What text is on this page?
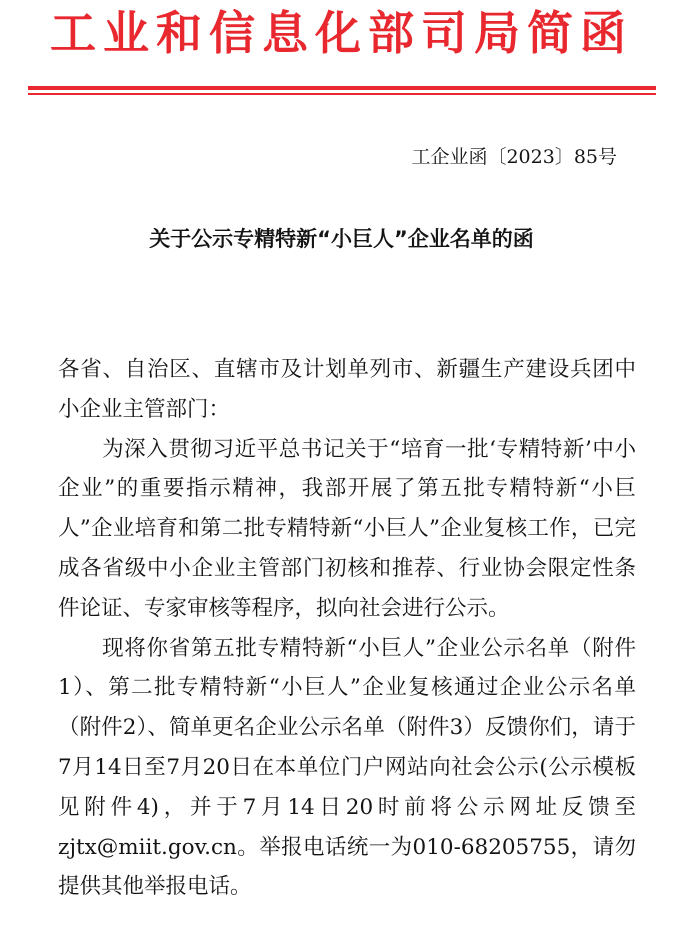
工业和信息化部司局简函
工企业函〔2023〕85号
关于公示专精特新“小巨人”企业名单的函

各省、自治区、直辖市及计划单列市、新疆生产建设兵团中小企业主管部门：

为深入贯彻习近平总书记关于“培育一批‘专精特新’中小企业”的重要指示精神，我部开展了第五批专精特新“小巨人”企业培育和第二批专精特新“小巨人”企业复核工作，已完成各省级中小企业主管部门初核和推荐、行业协会限定性条件论证、专家审核等程序，拟向社会进行公示。

现将你省第五批专精特新“小巨人”企业公示名单（附件1）、第二批专精特新“小巨人”企业复核通过企业公示名单（附件2）、简单更名企业公示名单（附件3）反馈你们，请于7月14日至7月20日在本单位门户网站向社会公示(公示模板见附件4)，并于7月14日20时前将公示网址反馈至zjtx@miit.gov.cn。举报电话统一为010-68205755，请勿提供其他举报电话。
